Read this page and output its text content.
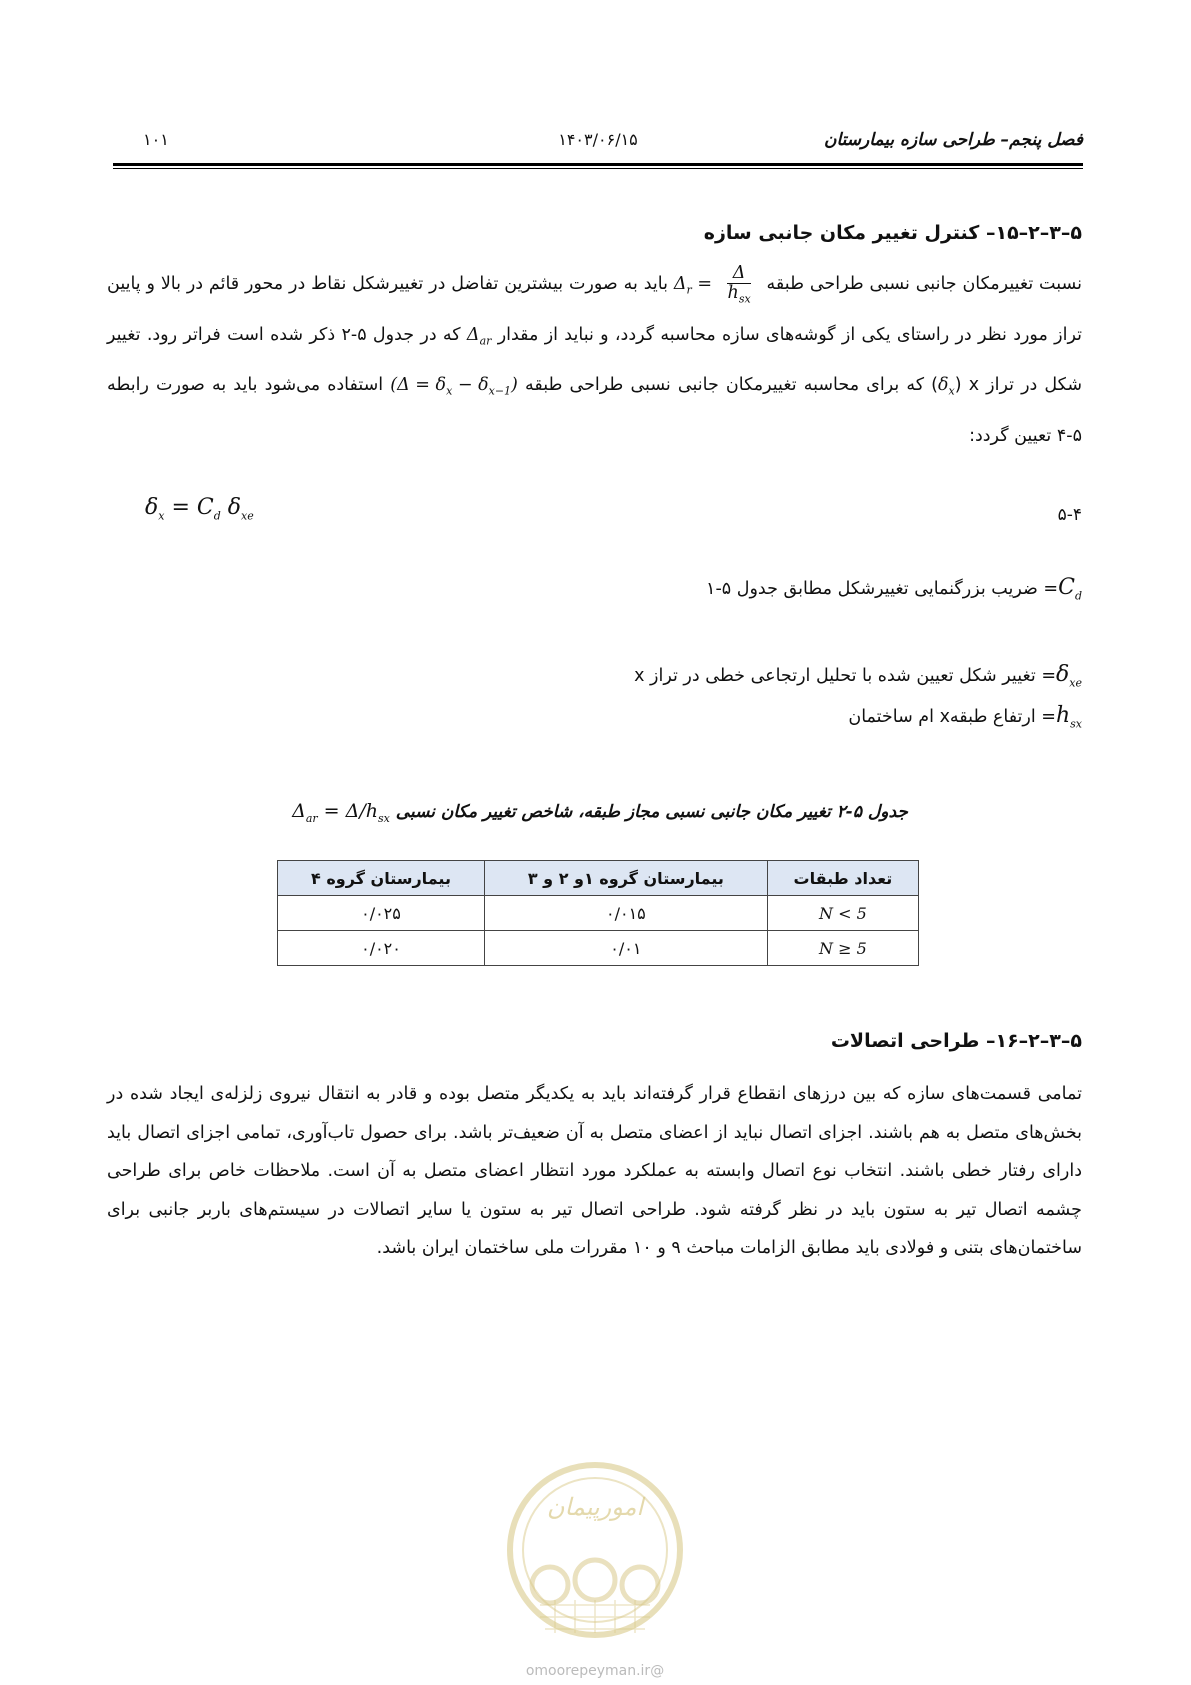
فصل پنجم– طراحی سازه بیمارستان
۱۴۰۳/۰۶/۱۵
۱۰۱
۵–۳–۲–۱۵– کنترل تغییر مکان جانبی سازه
نسبت تغییرمکان جانبی نسبی طراحی طبقه $\Delta_r = \frac{\Delta}{h_{sx}}$
باید به صورت بیشترین تفاضل در تغییرشکل نقاط در محور قائم در بالا و پایین تراز مورد نظر در راستای یکی از گوشه‌های سازه محاسبه گردد، و نباید از مقدار $\Delta_{ar}$ که در جدول ۵-۲ ذکر شده است فراتر رود. تغییر شکل در تراز x $(\delta_x)$ که برای محاسبه تغییرمکان جانبی نسبی طراحی طبقه $(\Delta = \delta_x - \delta_{x-1})$ استفاده می‌شود باید به صورت رابطه ۵-۴ تعیین گردد:
۵-۴
$\delta_x = C_d$ $\delta_{xe}$
$C_d=$ ضریب بزرگنمایی تغییرشکل مطابق جدول ۵-۱
$\delta_{xe}=$ تغییر شکل تعیین شده با تحلیل ارتجاعی خطی در تراز x
$h_{sx}=$ ارتفاع طبقهx ام ساختمان
جدول ۵-۲ تغییر مکان جانبی نسبی مجاز طبقه، شاخص تغییر مکان نسبی $\Delta_{ar} = \Delta/h_{sx}$
تعداد طبقات	بیمارستان گروه ۱و ۲ و ۳	بیمارستان گروه ۴
N < 5	۰/۰۱۵	۰/۰۲۵
N ≥ 5	۰/۰۱	۰/۰۲۰
۵–۳–۲–۱۶– طراحی اتصالات
تمامی قسمت‌های سازه که بین درزهای انقطاع قرار گرفته‌اند باید به یکدیگر متصل بوده و قادر به انتقال نیروی زلزله‌ی ایجاد شده در بخش‌های متصل به هم باشند. اجزای اتصال نباید از اعضای متصل به آن ضعیف‌تر باشد. برای حصول تاب‌آوری، تمامی اجزای اتصال باید دارای رفتار خطی باشند. انتخاب نوع اتصال وابسته به عملکرد مورد انتظار اعضای متصل به آن است. ملاحظات خاص برای طراحی چشمه اتصال تیر به ستون باید در نظر گرفته شود. طراحی اتصال تیر به ستون یا سایر اتصالات در سیستم‌های باربر جانبی برای ساختمان‌های بتنی و فولادی باید مطابق الزامات مباحث ۹ و ۱۰ مقررات ملی ساختمان ایران باشد.
امورپیمان
@omoorepeyman.ir
